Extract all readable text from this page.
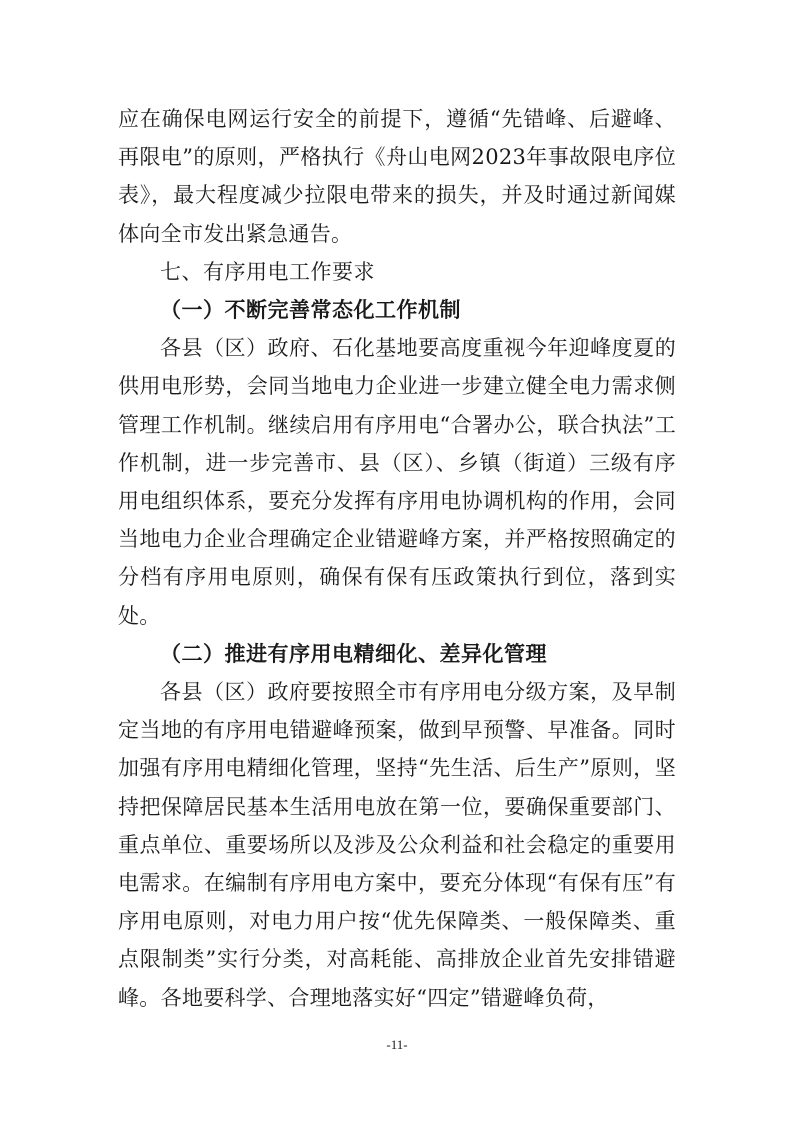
应在确保电网运行安全的前提下，遵循“先错峰、后避峰、再限电”的原则，严格执行《舟山电网2023年事故限电序位表》，最大程度减少拉限电带来的损失，并及时通过新闻媒体向全市发出紧急通告。

七、有序用电工作要求

（一）不断完善常态化工作机制

各县（区）政府、石化基地要高度重视今年迎峰度夏的供用电形势，会同当地电力企业进一步建立健全电力需求侧管理工作机制。继续启用有序用电“合署办公，联合执法”工作机制，进一步完善市、县（区）、乡镇（街道）三级有序用电组织体系，要充分发挥有序用电协调机构的作用，会同当地电力企业合理确定企业错避峰方案，并严格按照确定的分档有序用电原则，确保有保有压政策执行到位，落到实处。

（二）推进有序用电精细化、差异化管理

各县（区）政府要按照全市有序用电分级方案，及早制定当地的有序用电错避峰预案，做到早预警、早准备。同时加强有序用电精细化管理，坚持“先生活、后生产”原则，坚持把保障居民基本生活用电放在第一位，要确保重要部门、重点单位、重要场所以及涉及公众利益和社会稳定的重要用电需求。在编制有序用电方案中，要充分体现“有保有压”有序用电原则，对电力用户按“优先保障类、一般保障类、重点限制类”实行分类，对高耗能、高排放企业首先安排错避峰。各地要科学、合理地落实好“四定”错避峰负荷，

-11-
